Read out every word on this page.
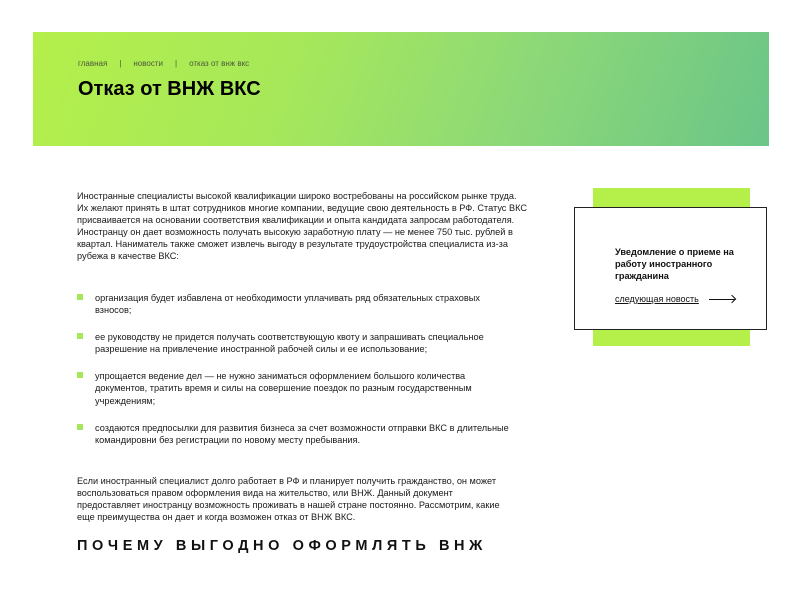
главная | новости | отказ от внж вкс
Отказ от ВНЖ ВКС

Иностранные специалисты высокой квалификации широко востребованы на российском рынке труда. Их желают принять в штат сотрудников многие компании, ведущие свою деятельность в РФ. Статус ВКС присваивается на основании соответствия квалификации и опыта кандидата запросам работодателя. Иностранцу он дает возможность получать высокую заработную плату — не менее 750 тыс. рублей в квартал. Наниматель также сможет извлечь выгоду в результате трудоустройства специалиста из-за рубежа в качестве ВКС:

организация будет избавлена от необходимости уплачивать ряд обязательных страховых взносов;
ее руководству не придется получать соответствующую квоту и запрашивать специальное разрешение на привлечение иностранной рабочей силы и ее использование;
упрощается ведение дел — не нужно заниматься оформлением большого количества документов, тратить время и силы на совершение поездок по разным государственным учреждениям;
создаются предпосылки для развития бизнеса за счет возможности отправки ВКС в длительные командировни без регистрации по новому месту пребывания.

Если иностранный специалист долго работает в РФ и планирует получить гражданство, он может воспользоваться правом оформления вида на жительство, или ВНЖ. Данный документ предоставляет иностранцу возможность проживать в нашей стране постоянно. Рассмотрим, какие еще преимущества он дает и когда возможен отказ от ВНЖ ВКС.

ПОЧЕМУ ВЫГОДНО ОФОРМЛЯТЬ ВНЖ

Уведомление о приеме на работу иностранного гражданина

следующая новость
